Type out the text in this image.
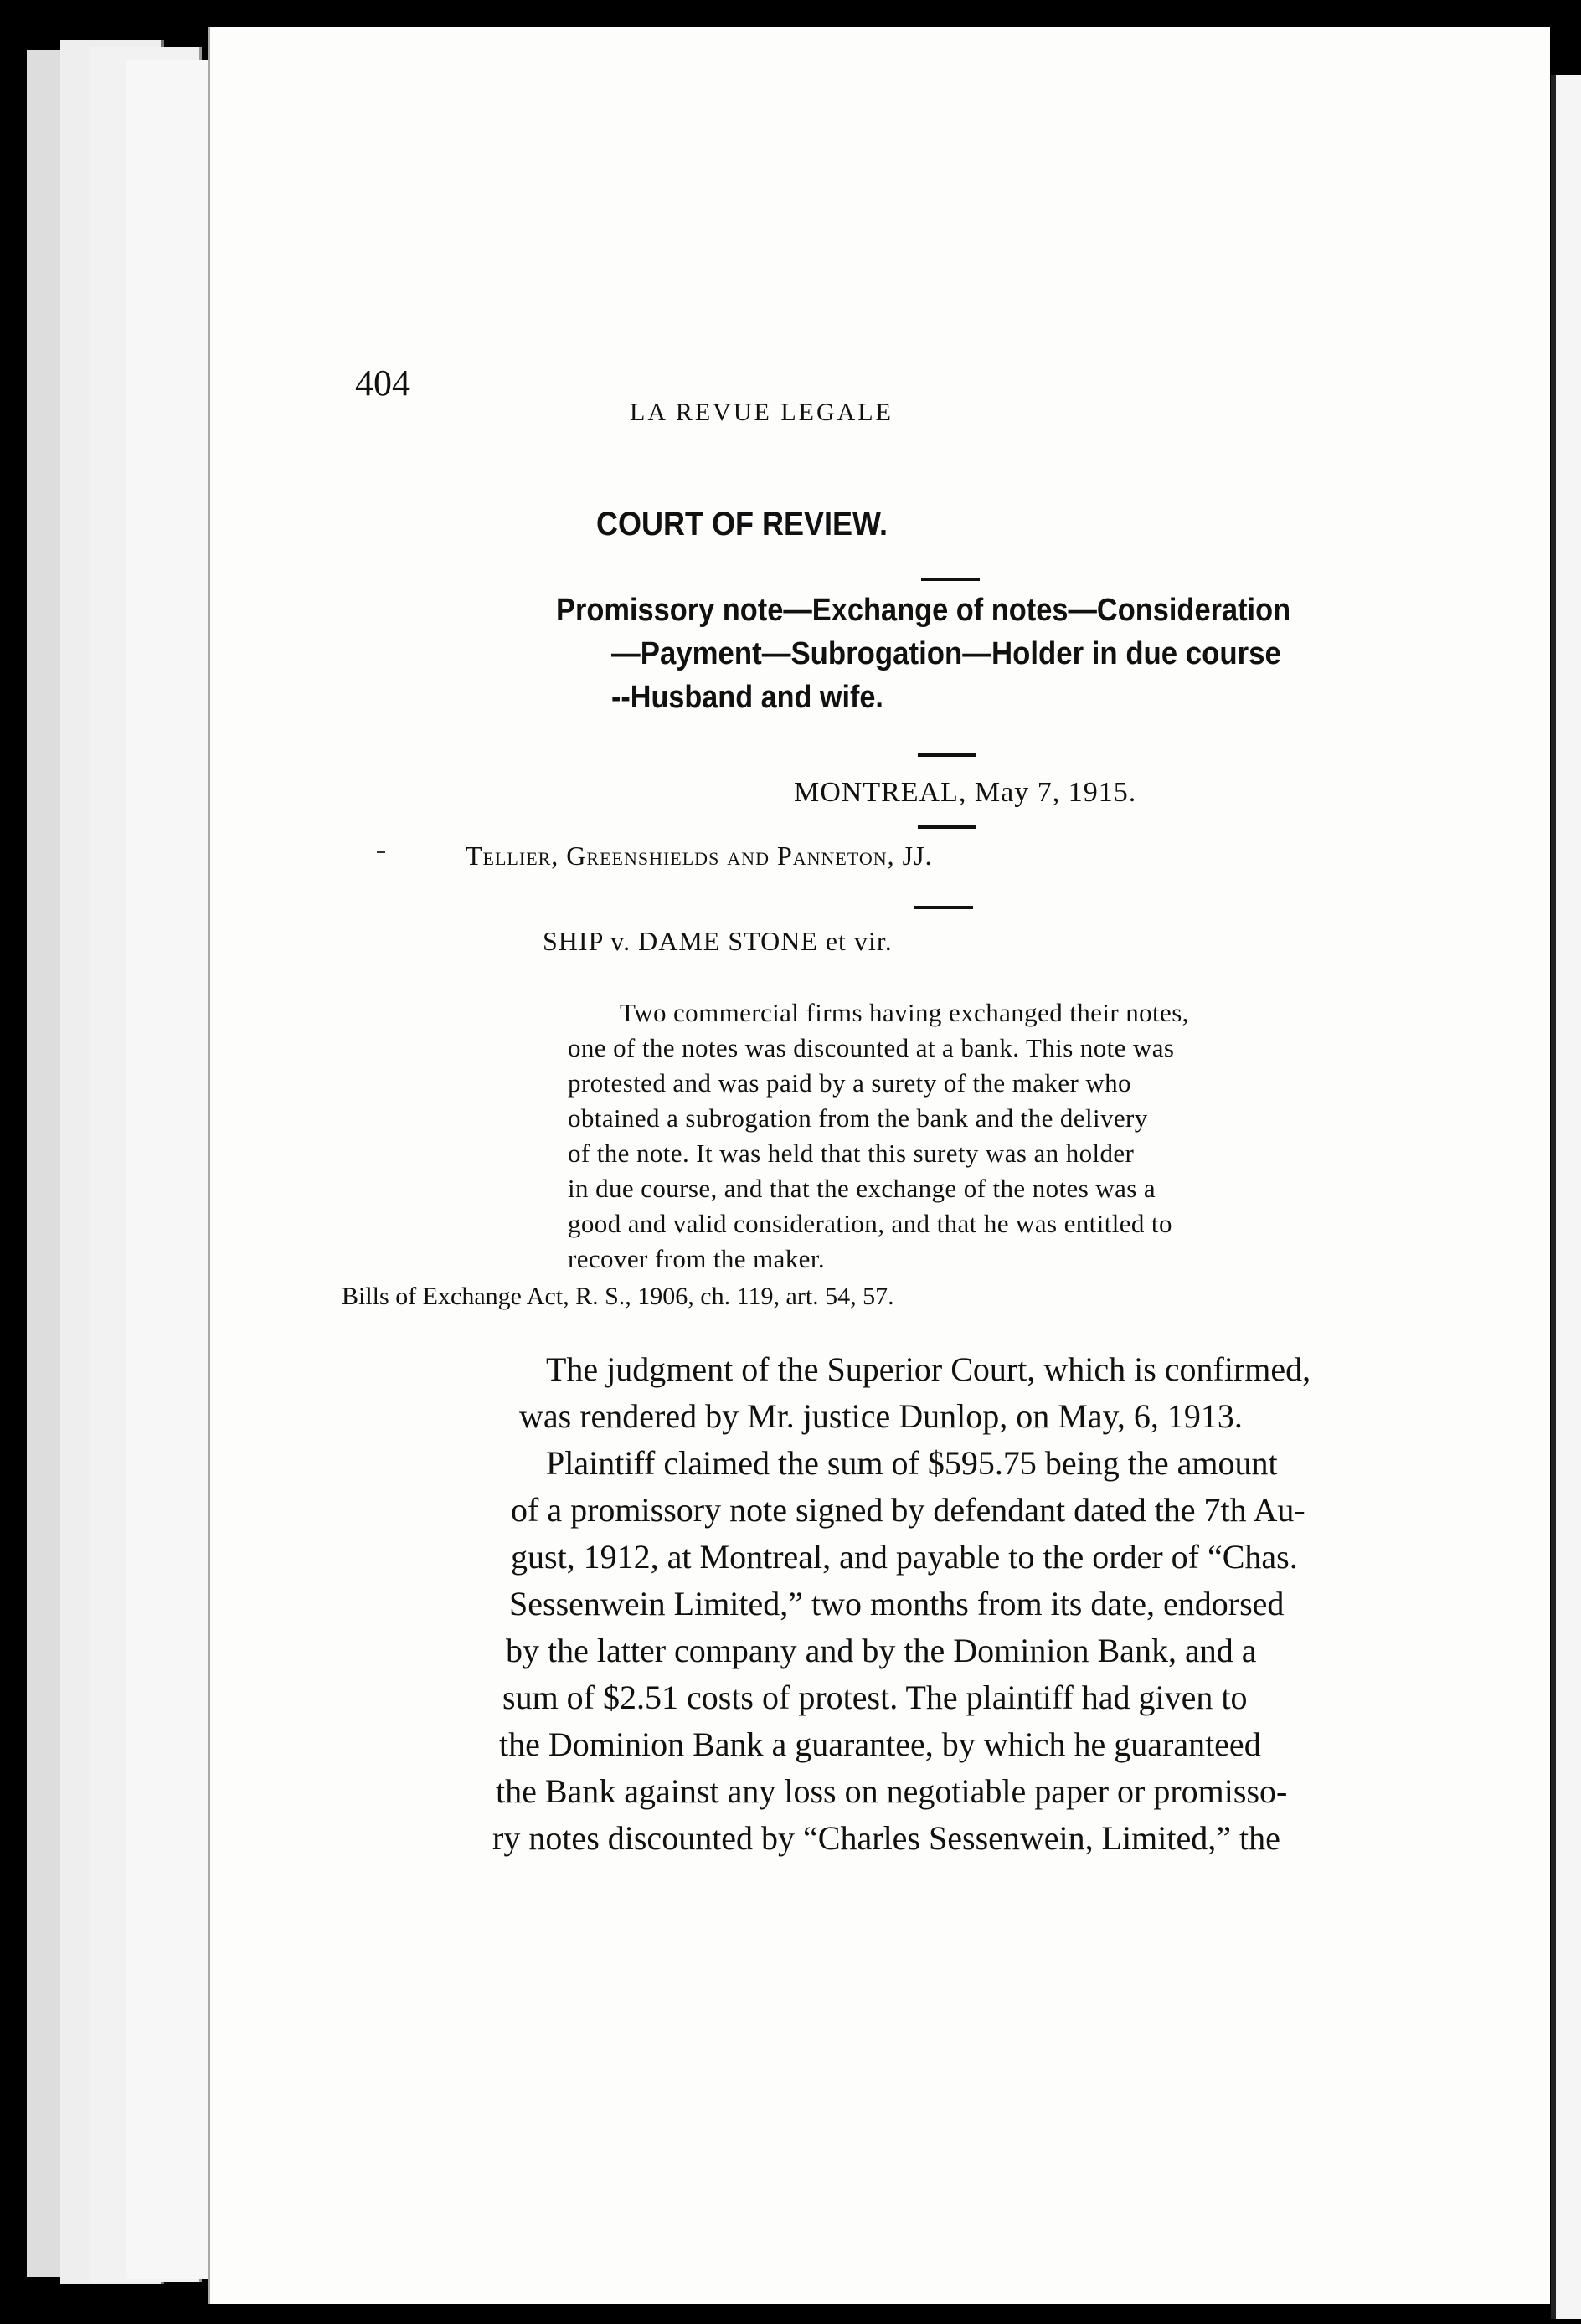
404
LA REVUE LEGALE
COURT OF REVIEW.
Promissory note—Exchange of notes—Consideration
—Payment—Subrogation—Holder in due course
--Husband and wife.
MONTREAL, May 7, 1915.
Tellier, Greenshields and Panneton, JJ.
SHIP v. DAME STONE et vir.
Two commercial firms having exchanged their notes,
one of the notes was discounted at a bank. This note was
protested and was paid by a surety of the maker who
obtained a subrogation from the bank and the delivery
of the note. It was held that this surety was an holder
in due course, and that the exchange of the notes was a
good and valid consideration, and that he was entitled to
recover from the maker.
Bills of Exchange Act, R. S., 1906, ch. 119, art. 54, 57.
The judgment of the Superior Court, which is confirmed,
was rendered by Mr. justice Dunlop, on May, 6, 1913.
Plaintiff claimed the sum of $595.75 being the amount
of a promissory note signed by defendant dated the 7th Au-
gust, 1912, at Montreal, and payable to the order of “Chas.
Sessenwein Limited,” two months from its date, endorsed
by the latter company and by the Dominion Bank, and a
sum of $2.51 costs of protest. The plaintiff had given to
the Dominion Bank a guarantee, by which he guaranteed
the Bank against any loss on negotiable paper or promisso-
ry notes discounted by “Charles Sessenwein, Limited,” the
